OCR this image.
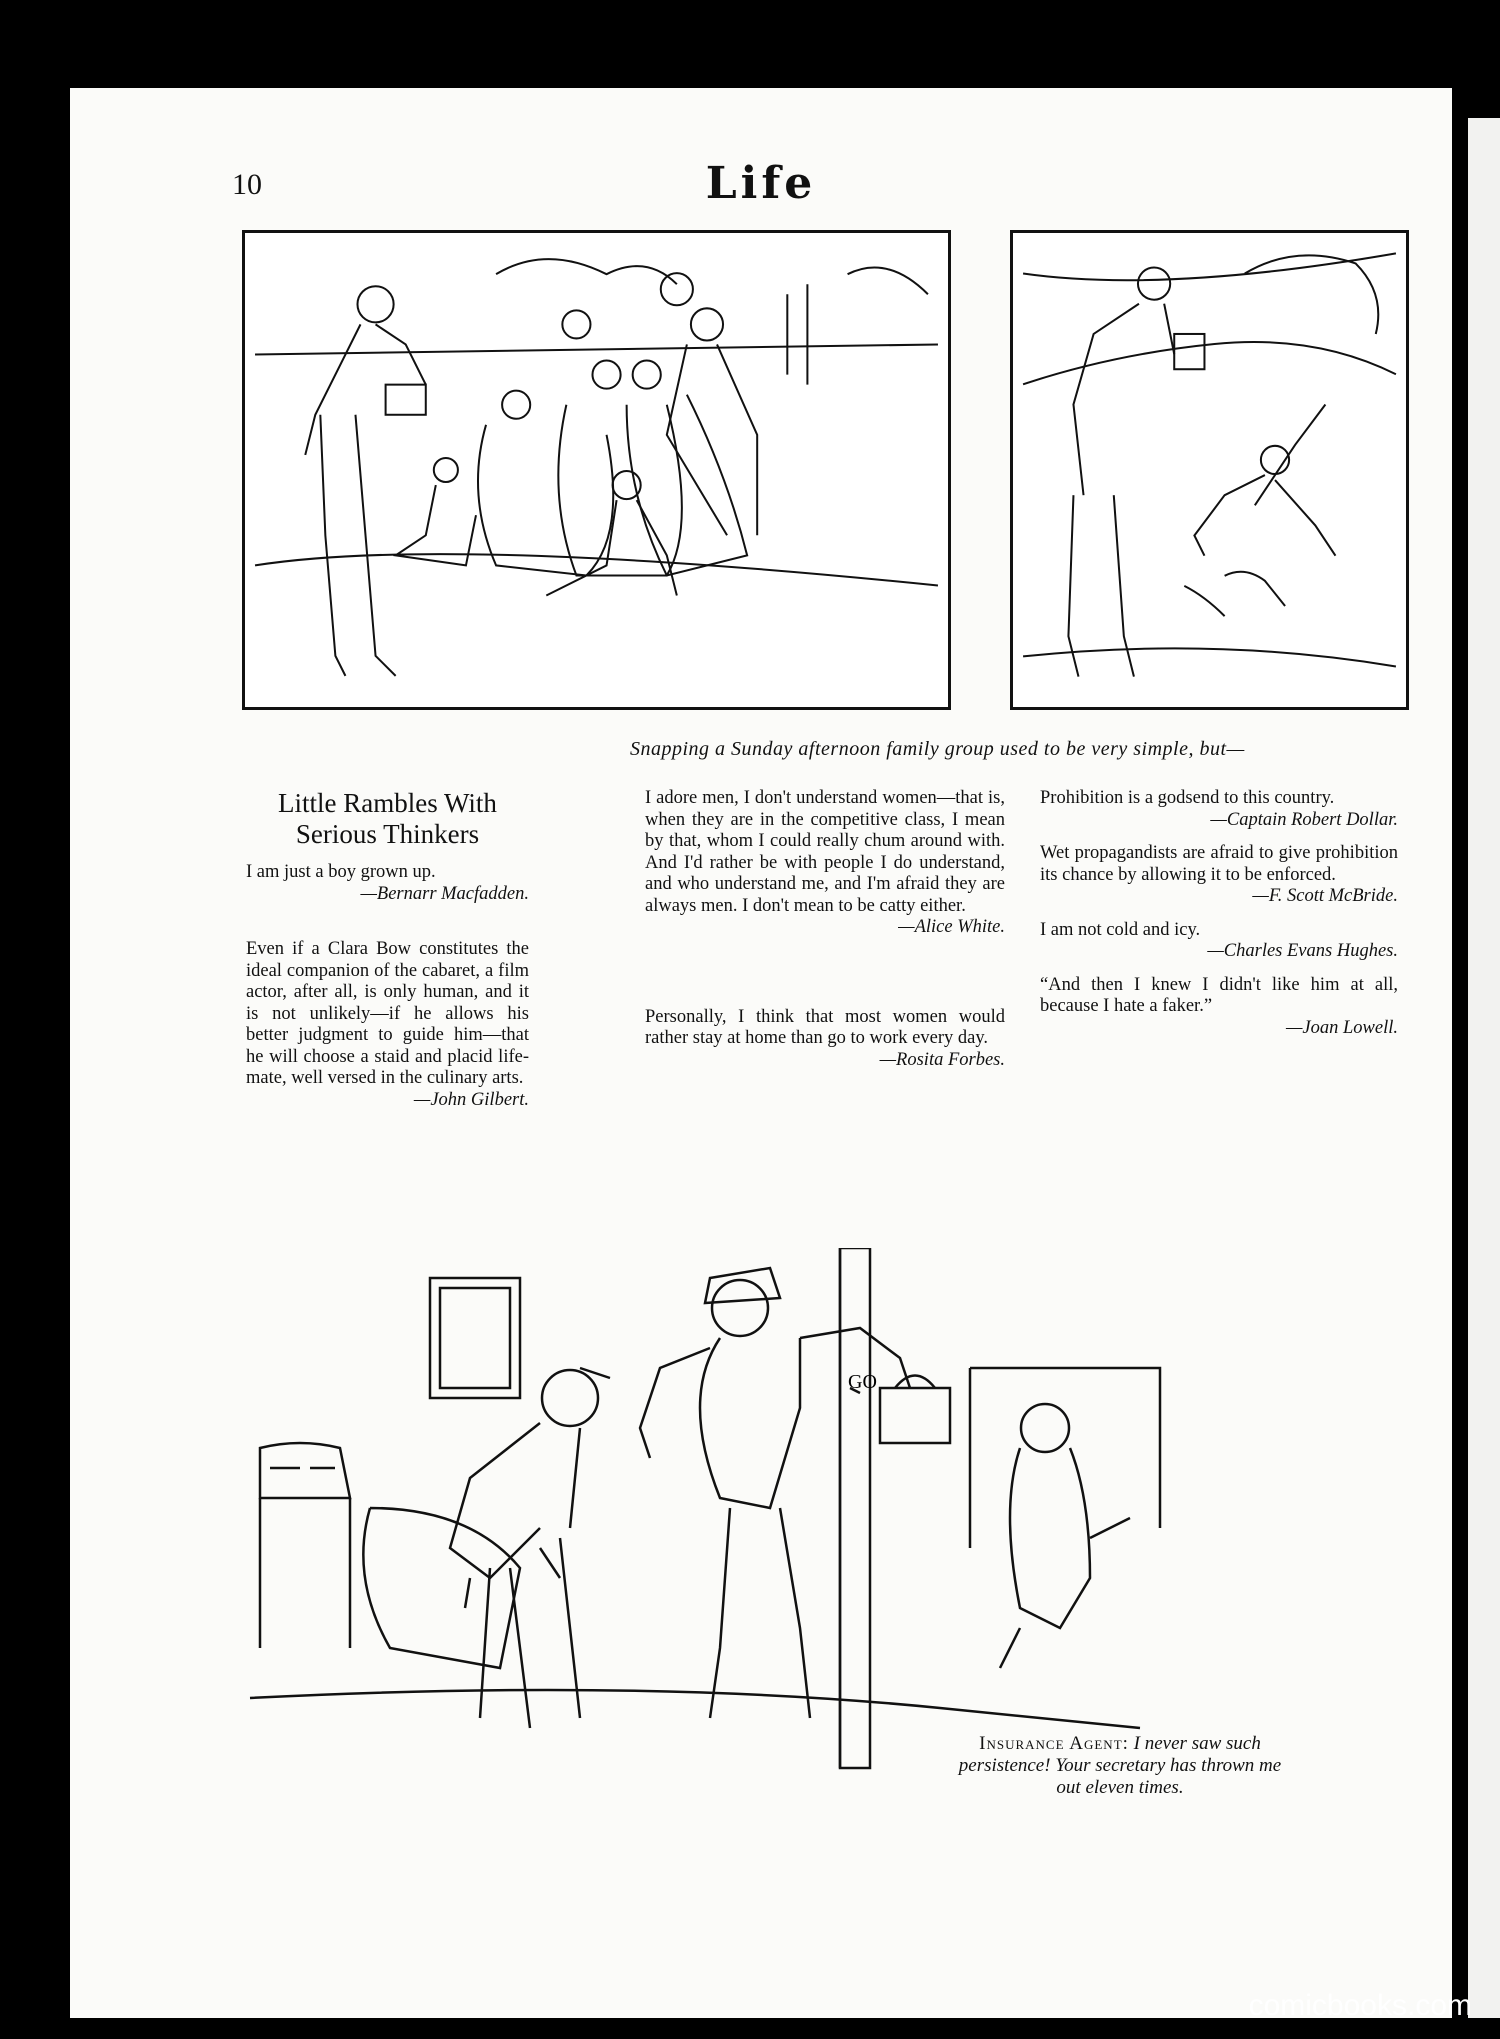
10	Life
Snapping a Sunday afternoon family group used to be very simple, but—

Little Rambles With Serious Thinkers

I am just a boy grown up.

—Bernarr Macfadden.

Even if a Clara Bow constitutes the ideal companion of the cabaret, a film actor, after all, is only human, and it is not unlikely—if he allows his better judgment to guide him—that he will choose a staid and placid life-mate, well versed in the culinary arts.

—John Gilbert.

I adore men, I don't understand women—that is, when they are in the competitive class, I mean by that, whom I could really chum around with. And I'd rather be with people I do understand, and who understand me, and I'm afraid they are always men. I don't mean to be catty either.

—Alice White.

Personally, I think that most women would rather stay at home than go to work every day.

—Rosita Forbes.

Prohibition is a godsend to this country.

—Captain Robert Dollar.

Wet propagandists are afraid to give prohibition its chance by allowing it to be enforced.

—F. Scott McBride.

I am not cold and icy.

—Charles Evans Hughes.

“And then I knew I didn't like him at all, because I hate a faker.”

—Joan Lowell.

GO
Insurance Agent: I never saw such persistence! Your secretary has thrown me out eleven times.
comicbooks.com
